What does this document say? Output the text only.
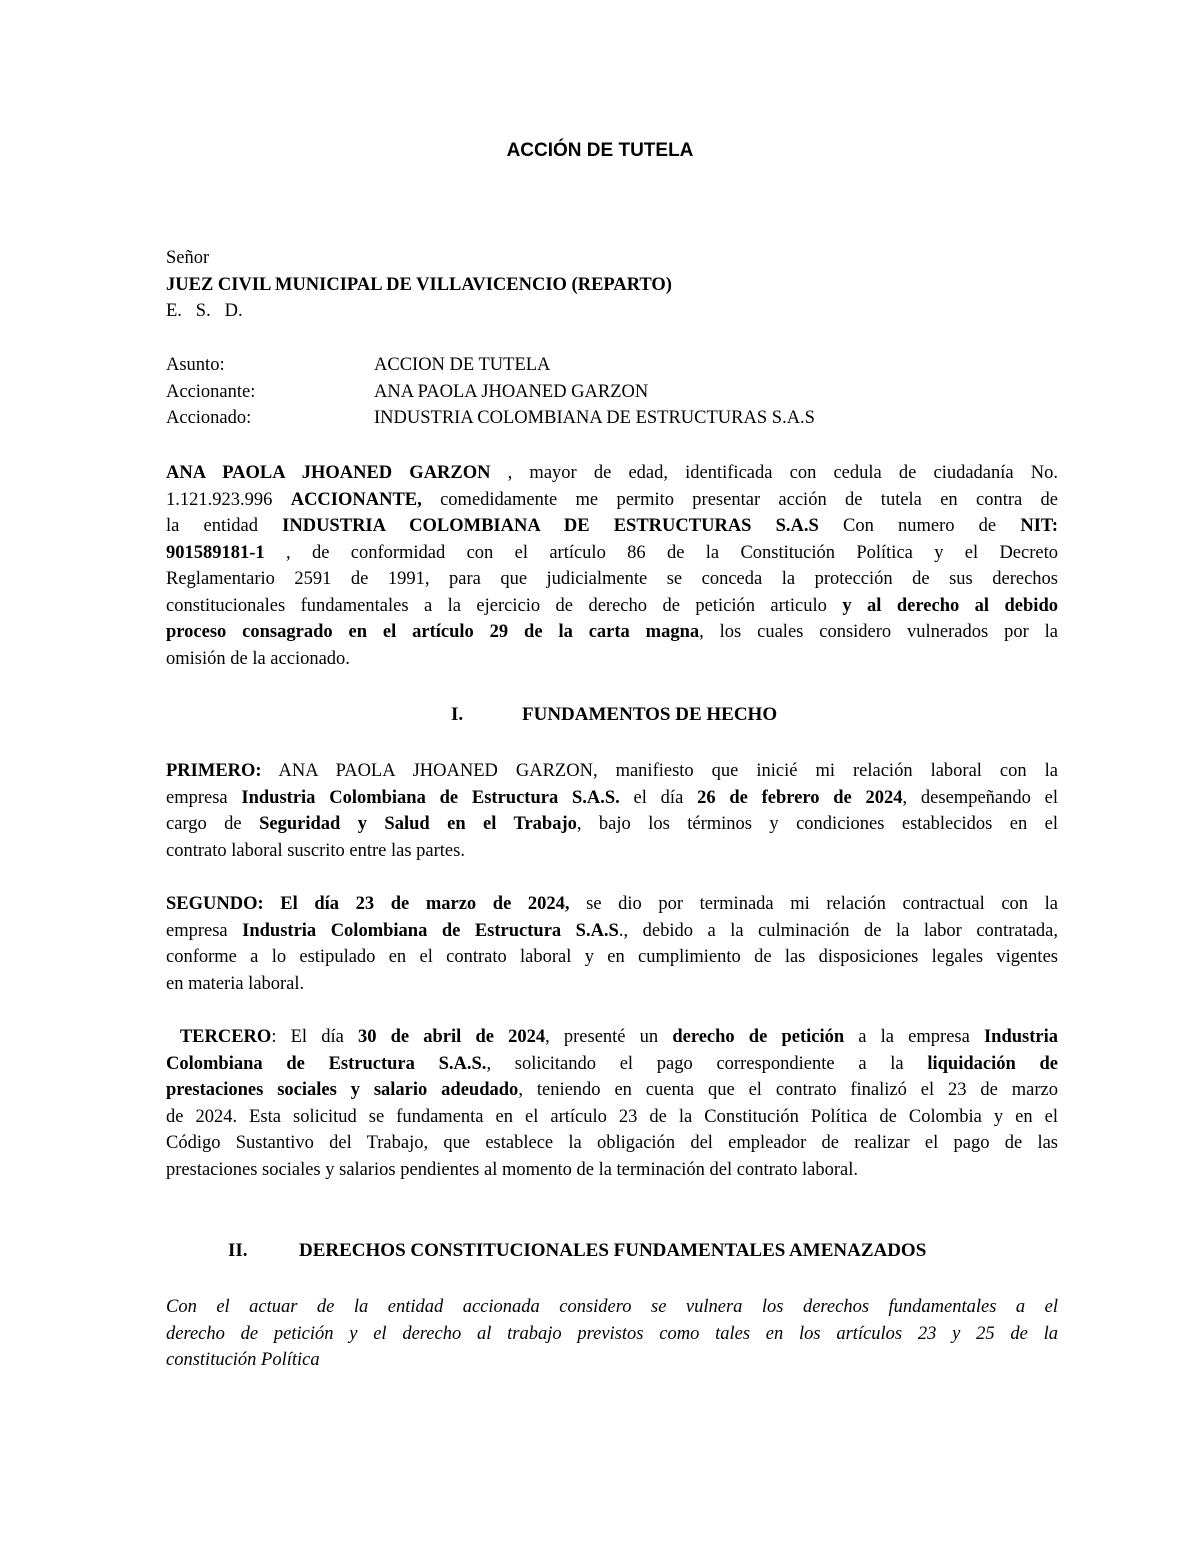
ACCIÓN DE TUTELA
Señor
JUEZ CIVIL MUNICIPAL DE VILLAVICENCIO (REPARTO)
E.   S.   D.
Asunto:	ACCION DE TUTELA
Accionante:	ANA PAOLA JHOANED GARZON
Accionado:	INDUSTRIA COLOMBIANA DE ESTRUCTURAS S.A.S
ANA PAOLA JHOANED GARZON , mayor de edad, identificada con cedula de ciudadanía No.
1.121.923.996 ACCIONANTE, comedidamente me permito presentar acción de tutela en contra de
la entidad INDUSTRIA COLOMBIANA DE ESTRUCTURAS S.A.S Con numero de NIT:
901589181-1 , de conformidad con el artículo 86 de la Constitución Política y el Decreto
Reglamentario 2591 de 1991, para que judicialmente se conceda la protección de sus derechos
constitucionales fundamentales a la ejercicio de derecho de petición articulo y al derecho al debido
proceso consagrado en el artículo 29 de la carta magna, los cuales considero vulnerados por la
omisión de la accionado.
I.	FUNDAMENTOS DE HECHO
PRIMERO: ANA PAOLA JHOANED GARZON, manifiesto que inicié mi relación laboral con la
empresa Industria Colombiana de Estructura S.A.S. el día 26 de febrero de 2024, desempeñando el
cargo de Seguridad y Salud en el Trabajo, bajo los términos y condiciones establecidos en el
contrato laboral suscrito entre las partes.
SEGUNDO: El día 23 de marzo de 2024, se dio por terminada mi relación contractual con la
empresa Industria Colombiana de Estructura S.A.S., debido a la culminación de la labor contratada,
conforme a lo estipulado en el contrato laboral y en cumplimiento de las disposiciones legales vigentes
en materia laboral.
TERCERO: El día 30 de abril de 2024, presenté un derecho de petición a la empresa Industria
Colombiana de Estructura S.A.S., solicitando el pago correspondiente a la liquidación de
prestaciones sociales y salario adeudado, teniendo en cuenta que el contrato finalizó el 23 de marzo
de 2024. Esta solicitud se fundamenta en el artículo 23 de la Constitución Política de Colombia y en el
Código Sustantivo del Trabajo, que establece la obligación del empleador de realizar el pago de las
prestaciones sociales y salarios pendientes al momento de la terminación del contrato laboral.
II.	DERECHOS CONSTITUCIONALES FUNDAMENTALES AMENAZADOS
Con el actuar de la entidad accionada considero se vulnera los derechos fundamentales a el
derecho de petición y el derecho al trabajo previstos como tales en los artículos 23 y 25 de la
constitución Política
